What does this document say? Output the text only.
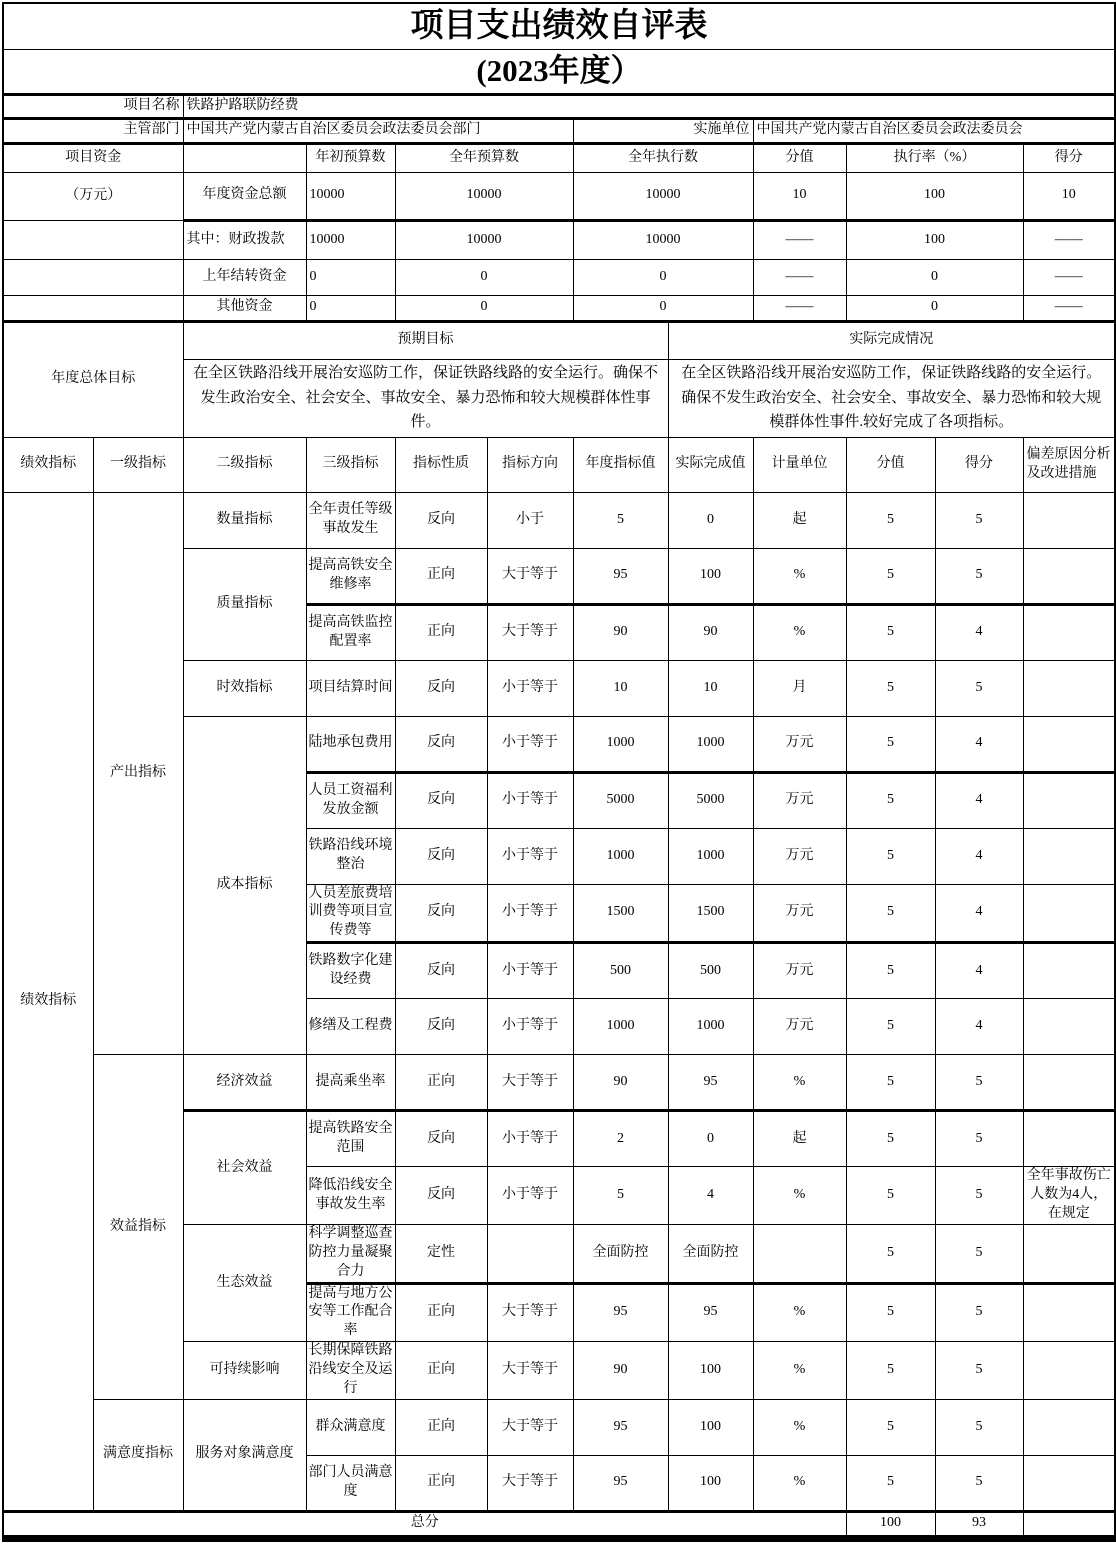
项目支出绩效自评表											
(2023年度）											
项目名称		铁路护路联防经费									
主管部门		中国共产党内蒙古自治区委员会政法委员会部门				实施单位		中国共产党内蒙古自治区委员会政法委员会			
项目资金			年初预算数	全年预算数		全年执行数		分值	执行率（%）		得分
（万元）		年度资金总额	10000	10000		10000		10	100		10
		其中：财政拨款	10000	10000		10000		——	100		——
		上年结转资金	0	0		0		——	0		——
		其他资金	0	0		0		——	0		——
年度总体目标		预期目标					实际完成情况				
		在全区铁路沿线开展治安巡防工作，保证铁路线路的安全运行。确保不发生政治安全、社会安全、事故安全、暴力恐怖和较大规模群体性事件。					在全区铁路沿线开展治安巡防工作，保证铁路线路的安全运行。确保不发生政治安全、社会安全、事故安全、暴力恐怖和较大规模群体性事件.较好完成了各项指标。				
绩效指标	一级指标	二级指标	三级指标	指标性质	指标方向	年度指标值	实际完成值	计量单位	分值	得分	偏差原因分析及改进措施
绩效指标	产出指标	数量指标	全年责任等级事故发生	反向	小于	5	0	起	5	5	
		质量指标	提高高铁安全维修率	正向	大于等于	95	100	%	5	5	
			提高高铁监控配置率	正向	大于等于	90	90	%	5	4	
		时效指标	项目结算时间	反向	小于等于	10	10	月	5	5	
		成本指标	陆地承包费用	反向	小于等于	1000	1000	万元	5	4	
			人员工资福利发放金额	反向	小于等于	5000	5000	万元	5	4	
			铁路沿线环境整治	反向	小于等于	1000	1000	万元	5	4	
			人员差旅费培训费等项目宣传费等	反向	小于等于	1500	1500	万元	5	4	
			铁路数字化建设经费	反向	小于等于	500	500	万元	5	4	
			修缮及工程费	反向	小于等于	1000	1000	万元	5	4	
	效益指标	经济效益	提高乘坐率	正向	大于等于	90	95	%	5	5	
		社会效益	提高铁路安全范围	反向	小于等于	2	0	起	5	5	
			降低沿线安全事故发生率	反向	小于等于	5	4	%	5	5	全年事故伤亡人数为4人，在规定
		生态效益	科学调整巡查防控力量凝聚合力	定性		全面防控	全面防控		5	5	
			提高与地方公安等工作配合率	正向	大于等于	95	95	%	5	5	
		可持续影响	长期保障铁路沿线安全及运行	正向	大于等于	90	100	%	5	5	
	满意度指标	服务对象满意度	群众满意度	正向	大于等于	95	100	%	5	5	
			部门人员满意度	正向	大于等于	95	100	%	5	5	
总分									100	93	
